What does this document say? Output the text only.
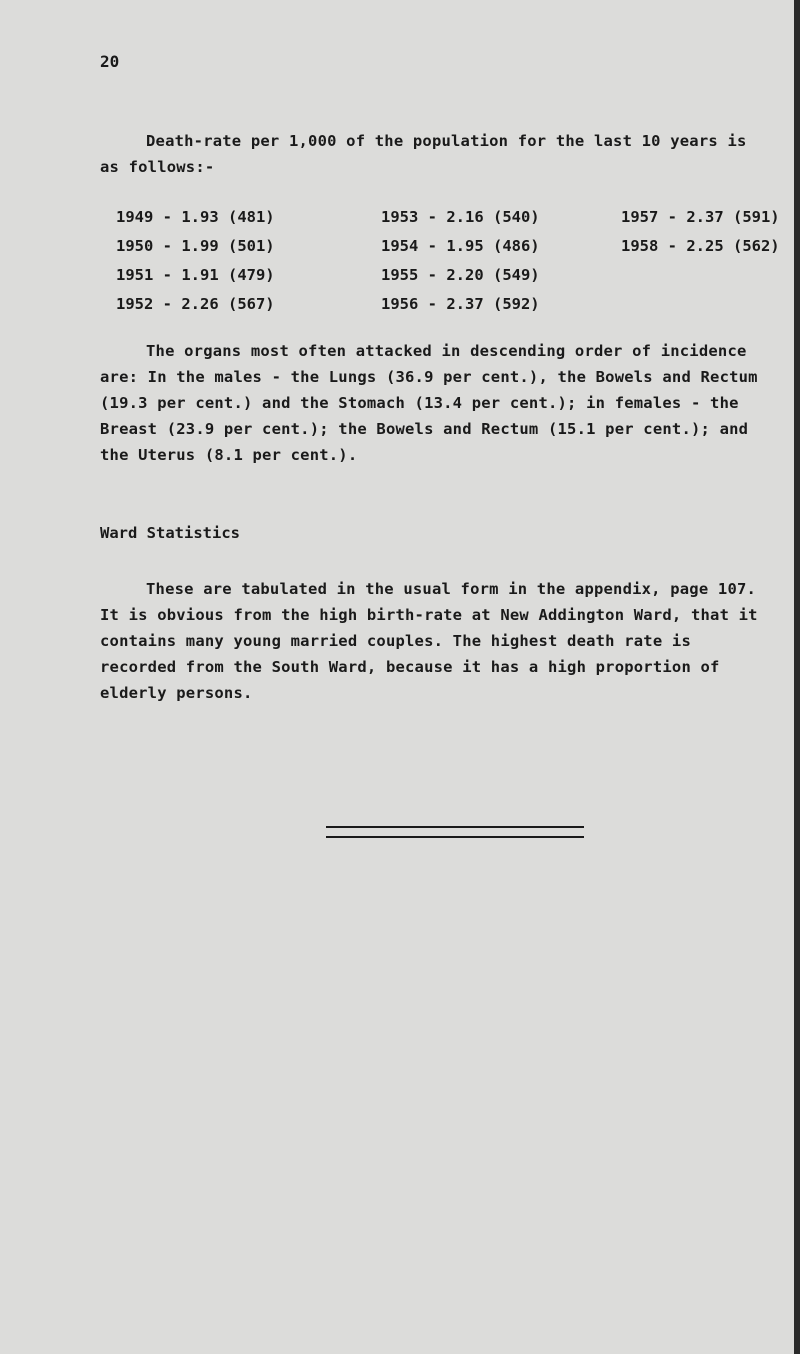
20
Death-rate per 1,000 of the population for the last 10 years is as follows:-
1949 - 1.93 (481)	1953 - 2.16 (540)	1957 - 2.37 (591)
1950 - 1.99 (501)	1954 - 1.95 (486)	1958 - 2.25 (562)
1951 - 1.91 (479)	1955 - 2.20 (549)
1952 - 2.26 (567)	1956 - 2.37 (592)
The organs most often attacked in descending order of incidence are: In the males - the Lungs (36.9 per cent.), the Bowels and Rectum (19.3 per cent.) and the Stomach (13.4 per cent.); in females - the Breast (23.9 per cent.); the Bowels and Rectum (15.1 per cent.); and the Uterus (8.1 per cent.).
Ward Statistics
These are tabulated in the usual form in the appendix, page 107. It is obvious from the high birth-rate at New Addington Ward, that it contains many young married couples. The highest death rate is recorded from the South Ward, because it has a high proportion of elderly persons.
